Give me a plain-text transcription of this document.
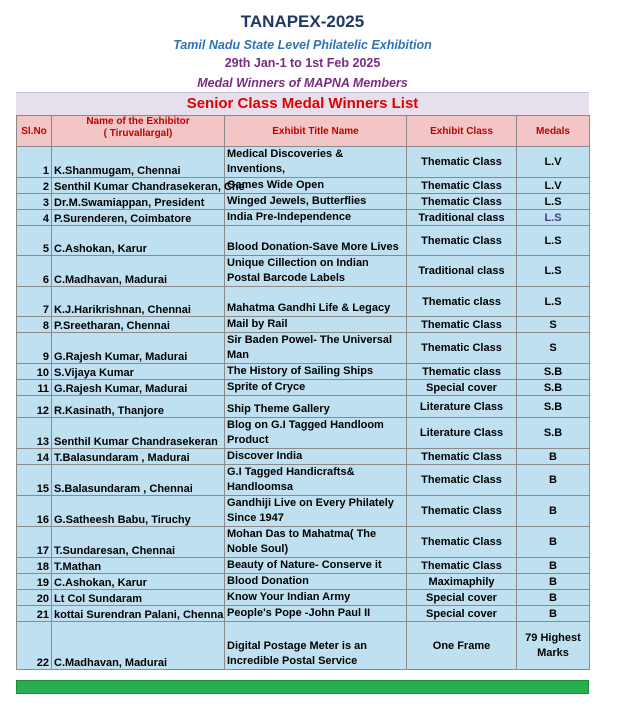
TANAPEX-2025
Tamil Nadu State Level Philatelic Exhibition
29th Jan-1 to 1st Feb 2025
Medal Winners of MAPNA Members
Senior Class Medal Winners List
Sl.No	Name of the Exhibitor
( Tiruvallargal)	Exhibit Title Name	Exhibit Class	Medals
1	K.Shanmugam, Chennai	Medical Discoveries & Inventions,	Thematic Class	L.V
2	Senthil Kumar Chandrasekeran, Che	Games Wide Open	Thematic Class	L.V
3	Dr.M.Swamiappan, President	Winged Jewels, Butterflies	Thematic Class	L.S
4	P.Surenderen, Coimbatore	India Pre-Independence	Traditional class	L.S
5	C.Ashokan, Karur	Blood Donation-Save More Lives	Thematic Class	L.S
6	C.Madhavan, Madurai	Unique Cillection on Indian Postal Barcode Labels	Traditional class	L.S
7	K.J.Harikrishnan, Chennai	Mahatma Gandhi Life & Legacy	Thematic class	L.S
8	P.Sreetharan, Chennai	Mail by Rail	Thematic Class	S
9	G.Rajesh Kumar, Madurai	Sir Baden Powel- The Universal Man	Thematic Class	S
10	S.Vijaya Kumar	The History of Sailing Ships	Thematic class	S.B
11	G.Rajesh Kumar, Madurai	Sprite of Cryce	Special cover	S.B
12	R.Kasinath, Thanjore	Ship Theme Gallery	Literature Class	S.B
13	Senthil Kumar Chandrasekeran	Blog on G.I Tagged Handloom Product	Literature Class	S.B
14	T.Balasundaram , Madurai	Discover India	Thematic Class	B
15	S.Balasundaram , Chennai	G.I Tagged Handicrafts& Handloomsa	Thematic Class	B
16	G.Satheesh Babu, Tiruchy	Gandhiji Live on Every Philately Since 1947	Thematic Class	B
17	T.Sundaresan, Chennai	Mohan Das to Mahatma( The Noble Soul)	Thematic Class	B
18	T.Mathan	Beauty of Nature- Conserve it	Thematic Class	B
19	C.Ashokan, Karur	Blood Donation	Maximaphily	B
20	Lt Col Sundaram	Know Your Indian Army	Special cover	B
21	kottai Surendran Palani, Chenna	People's Pope -John Paul II	Special cover	B
22	C.Madhavan, Madurai	Digital Postage Meter is an Incredible Postal Service	One Frame	79 Highest Marks
